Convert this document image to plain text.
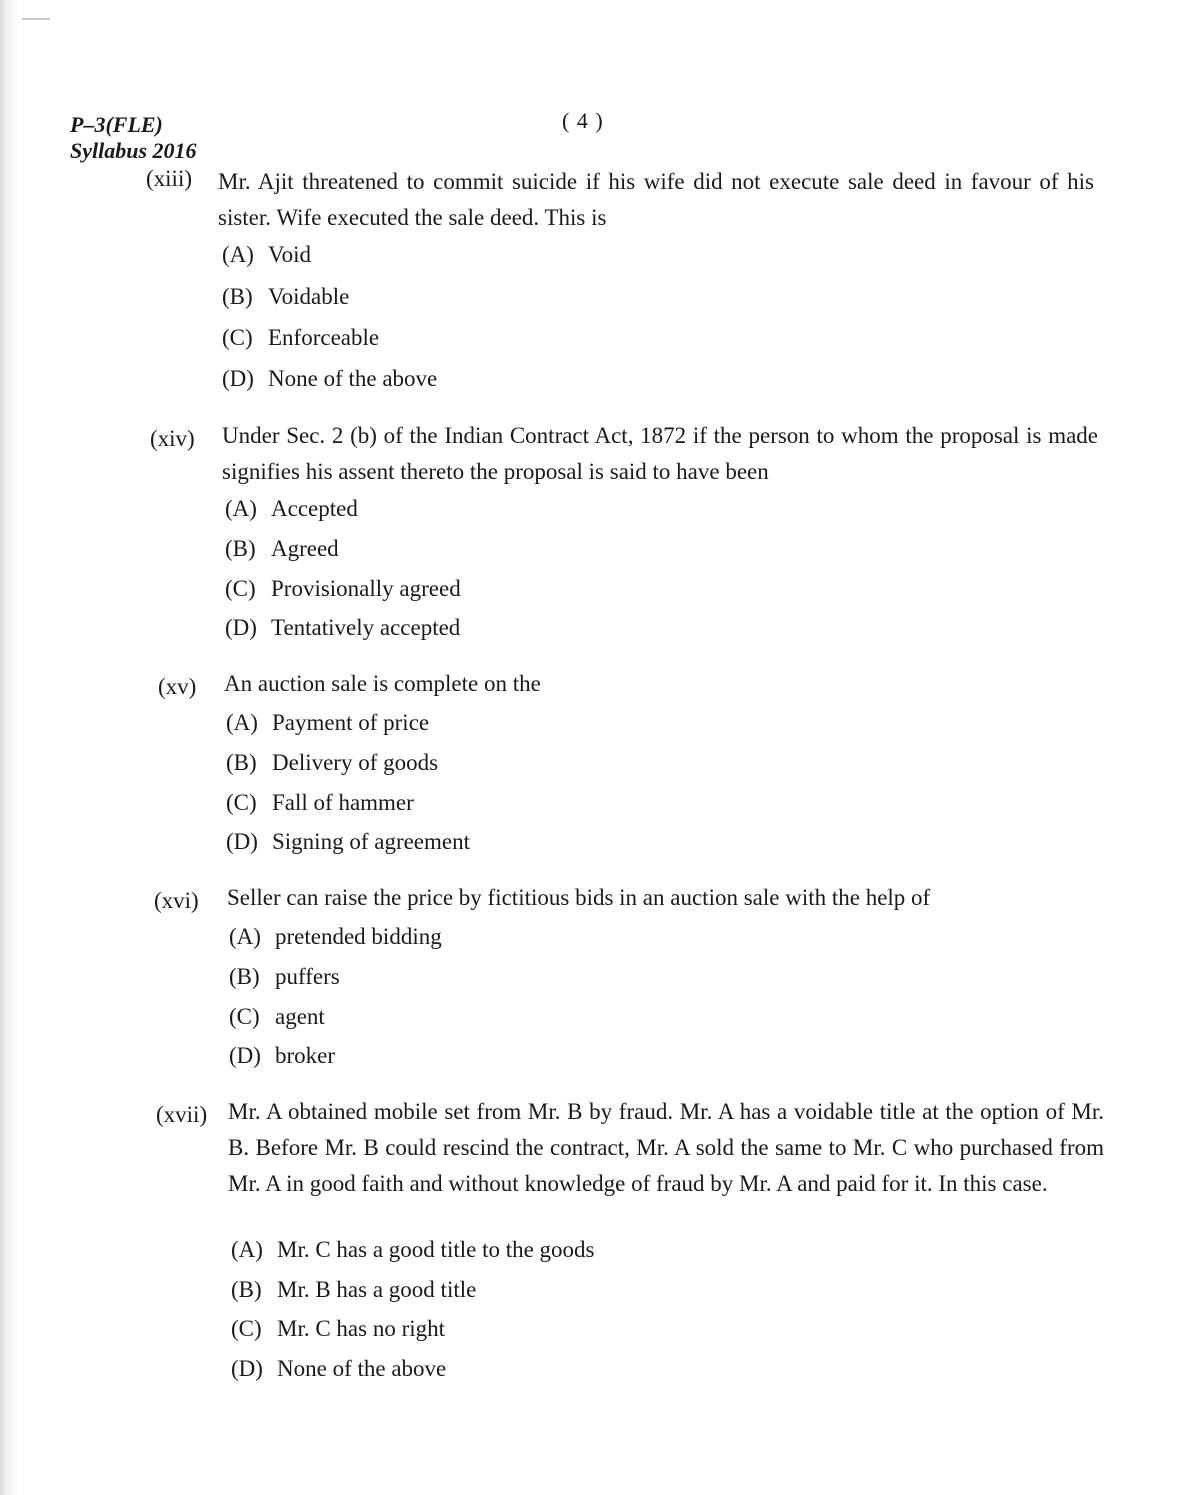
P–3(FLE)
Syllabus 2016
( 4 )
(xiii) Mr. Ajit threatened to commit suicide if his wife did not execute sale deed in favour of his sister. Wife executed the sale deed. This is
(A) Void
(B) Voidable
(C) Enforceable
(D) None of the above
(xiv) Under Sec. 2 (b) of the Indian Contract Act, 1872 if the person to whom the proposal is made signifies his assent thereto the proposal is said to have been
(A) Accepted
(B) Agreed
(C) Provisionally agreed
(D) Tentatively accepted
(xv) An auction sale is complete on the
(A) Payment of price
(B) Delivery of goods
(C) Fall of hammer
(D) Signing of agreement
(xvi) Seller can raise the price by fictitious bids in an auction sale with the help of
(A) pretended bidding
(B) puffers
(C) agent
(D) broker
(xvii) Mr. A obtained mobile set from Mr. B by fraud. Mr. A has a voidable title at the option of Mr. B. Before Mr. B could rescind the contract, Mr. A sold the same to Mr. C who purchased from Mr. A in good faith and without knowledge of fraud by Mr. A and paid for it. In this case.
(A) Mr. C has a good title to the goods
(B) Mr. B has a good title
(C) Mr. C has no right
(D) None of the above
